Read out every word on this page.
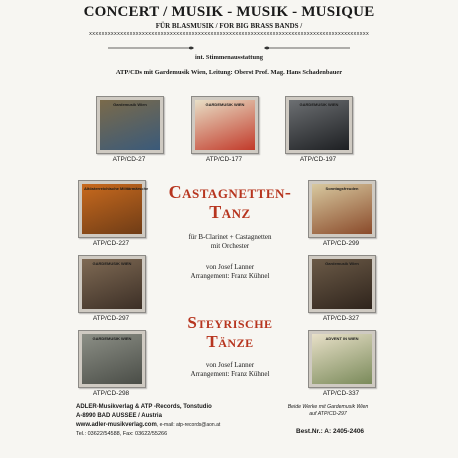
CONCERT / MUSIK - MUSIK - MUSIQUE
FÜR BLASMUSIK / FOR BIG BRASS BANDS /
xxxxxxxxxxxxxxxxxxxxxxxxxxxxxxxxxxxxxxxxxxxxxxxxxxxxxxxxxxxxxxxxxxxxxxxxxxxxxxxxxxxxxxxxxx
int. Stimmenausstattung
ATP/CDs mit Gardemusik Wien, Leitung: Oberst Prof. Mag. Hans Schadenbauer
Gardemusik Wien
ATP/CD-27
GARDEMUSIK WIEN
ATP/CD-177
GARDEMUSIK WIEN
ATP/CD-197
Altösterreichische Militärmärsche
ATP/CD-227
Sonntagsfreuden
ATP/CD-299
GARDEMUSIK WIEN
ATP/CD-297
Gardemusik Wien
ATP/CD-327
GARDEMUSIK WIEN
ATP/CD-298
ADVENT IN WIEN
ATP/CD-337
Castagnetten-
Tanz
für B-Clarinet + Castagnetten
mit Orchester
von Josef Lanner
Arrangement: Franz Kühnel
Steyrische
Tänze
von Josef Lanner
Arrangement: Franz Kühnel
ADLER-Musikverlag & ATP -Records, Tonstudio
A-8990 BAD AUSSEE / Austria
www.adler-musikverlag.com, e-mail: atp-records@aon.at
Tel.: 03622/54588, Fax: 03622/55266
Beide Werke mit Gardemusik Wien
auf ATP/CD-297
Best.Nr.: A: 2405-2406
